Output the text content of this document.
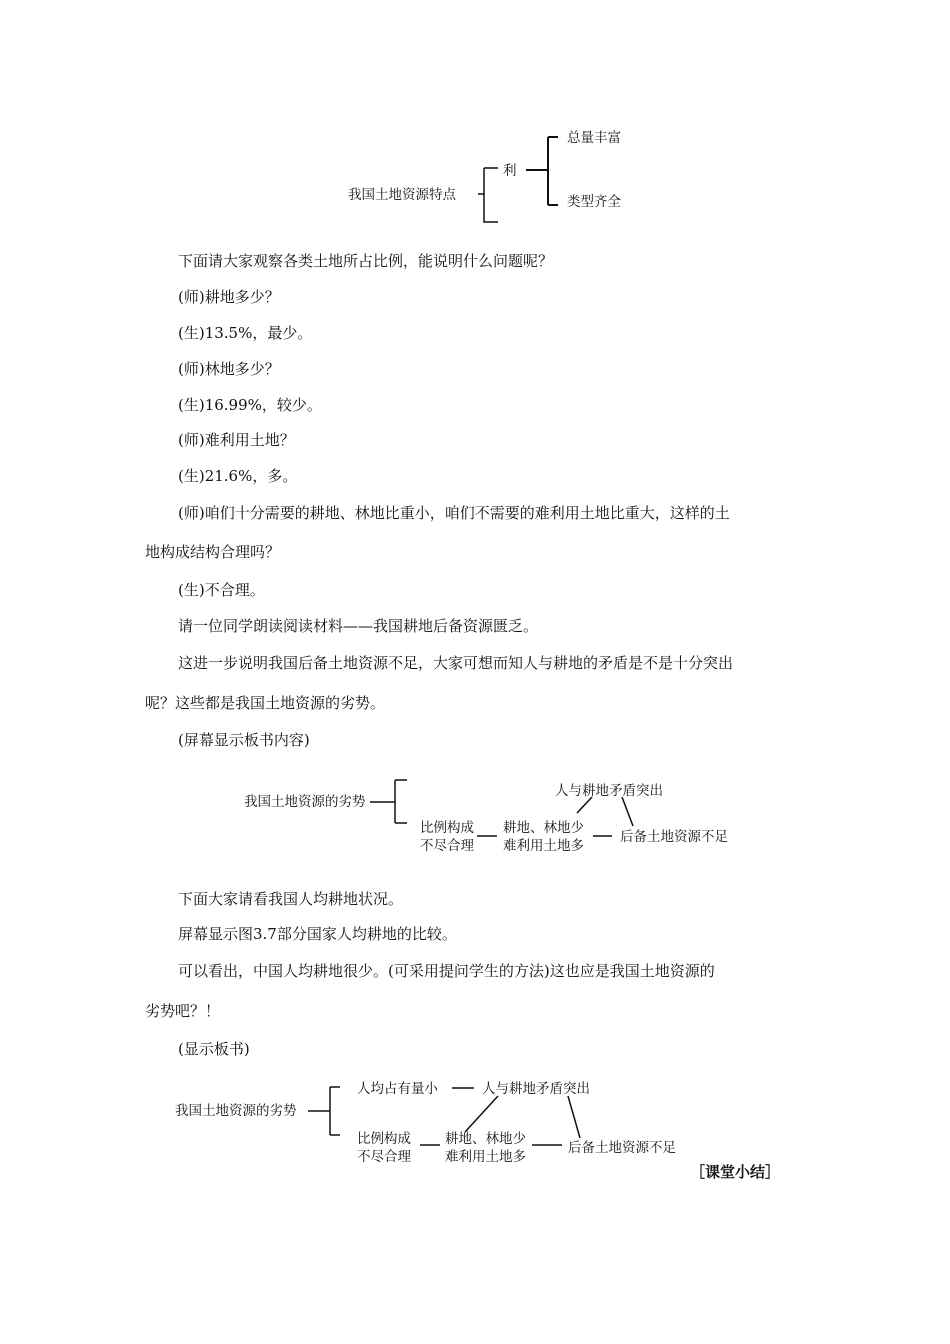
我国土地资源特点
利
总量丰富
类型齐全
下面请大家观察各类土地所占比例，能说明什么问题呢？
(师)耕地多少？
(生)13.5%，最少。
(师)林地多少？
(生)16.99%，较少。
(师)难利用土地？
(生)21.6%，多。
(师)咱们十分需要的耕地、林地比重小，咱们不需要的难利用土地比重大，这样的土
地构成结构合理吗？
(生)不合理。
请一位同学朗读阅读材料——我国耕地后备资源匮乏。
这进一步说明我国后备土地资源不足，大家可想而知人与耕地的矛盾是不是十分突出
呢？这些都是我国土地资源的劣势。
(屏幕显示板书内容)
我国土地资源的劣势
比例构成
不尽合理
耕地、林地少
难利用土地多
人与耕地矛盾突出
后备土地资源不足
下面大家请看我国人均耕地状况。
屏幕显示图3.7部分国家人均耕地的比较。
可以看出，中国人均耕地很少。(可采用提问学生的方法)这也应是我国土地资源的
劣势吧？！
(显示板书)
我国土地资源的劣势
人均占有量小	人与耕地矛盾突出
比例构成
不尽合理
耕地、林地少
难利用土地多
后备土地资源不足
［课堂小结］
